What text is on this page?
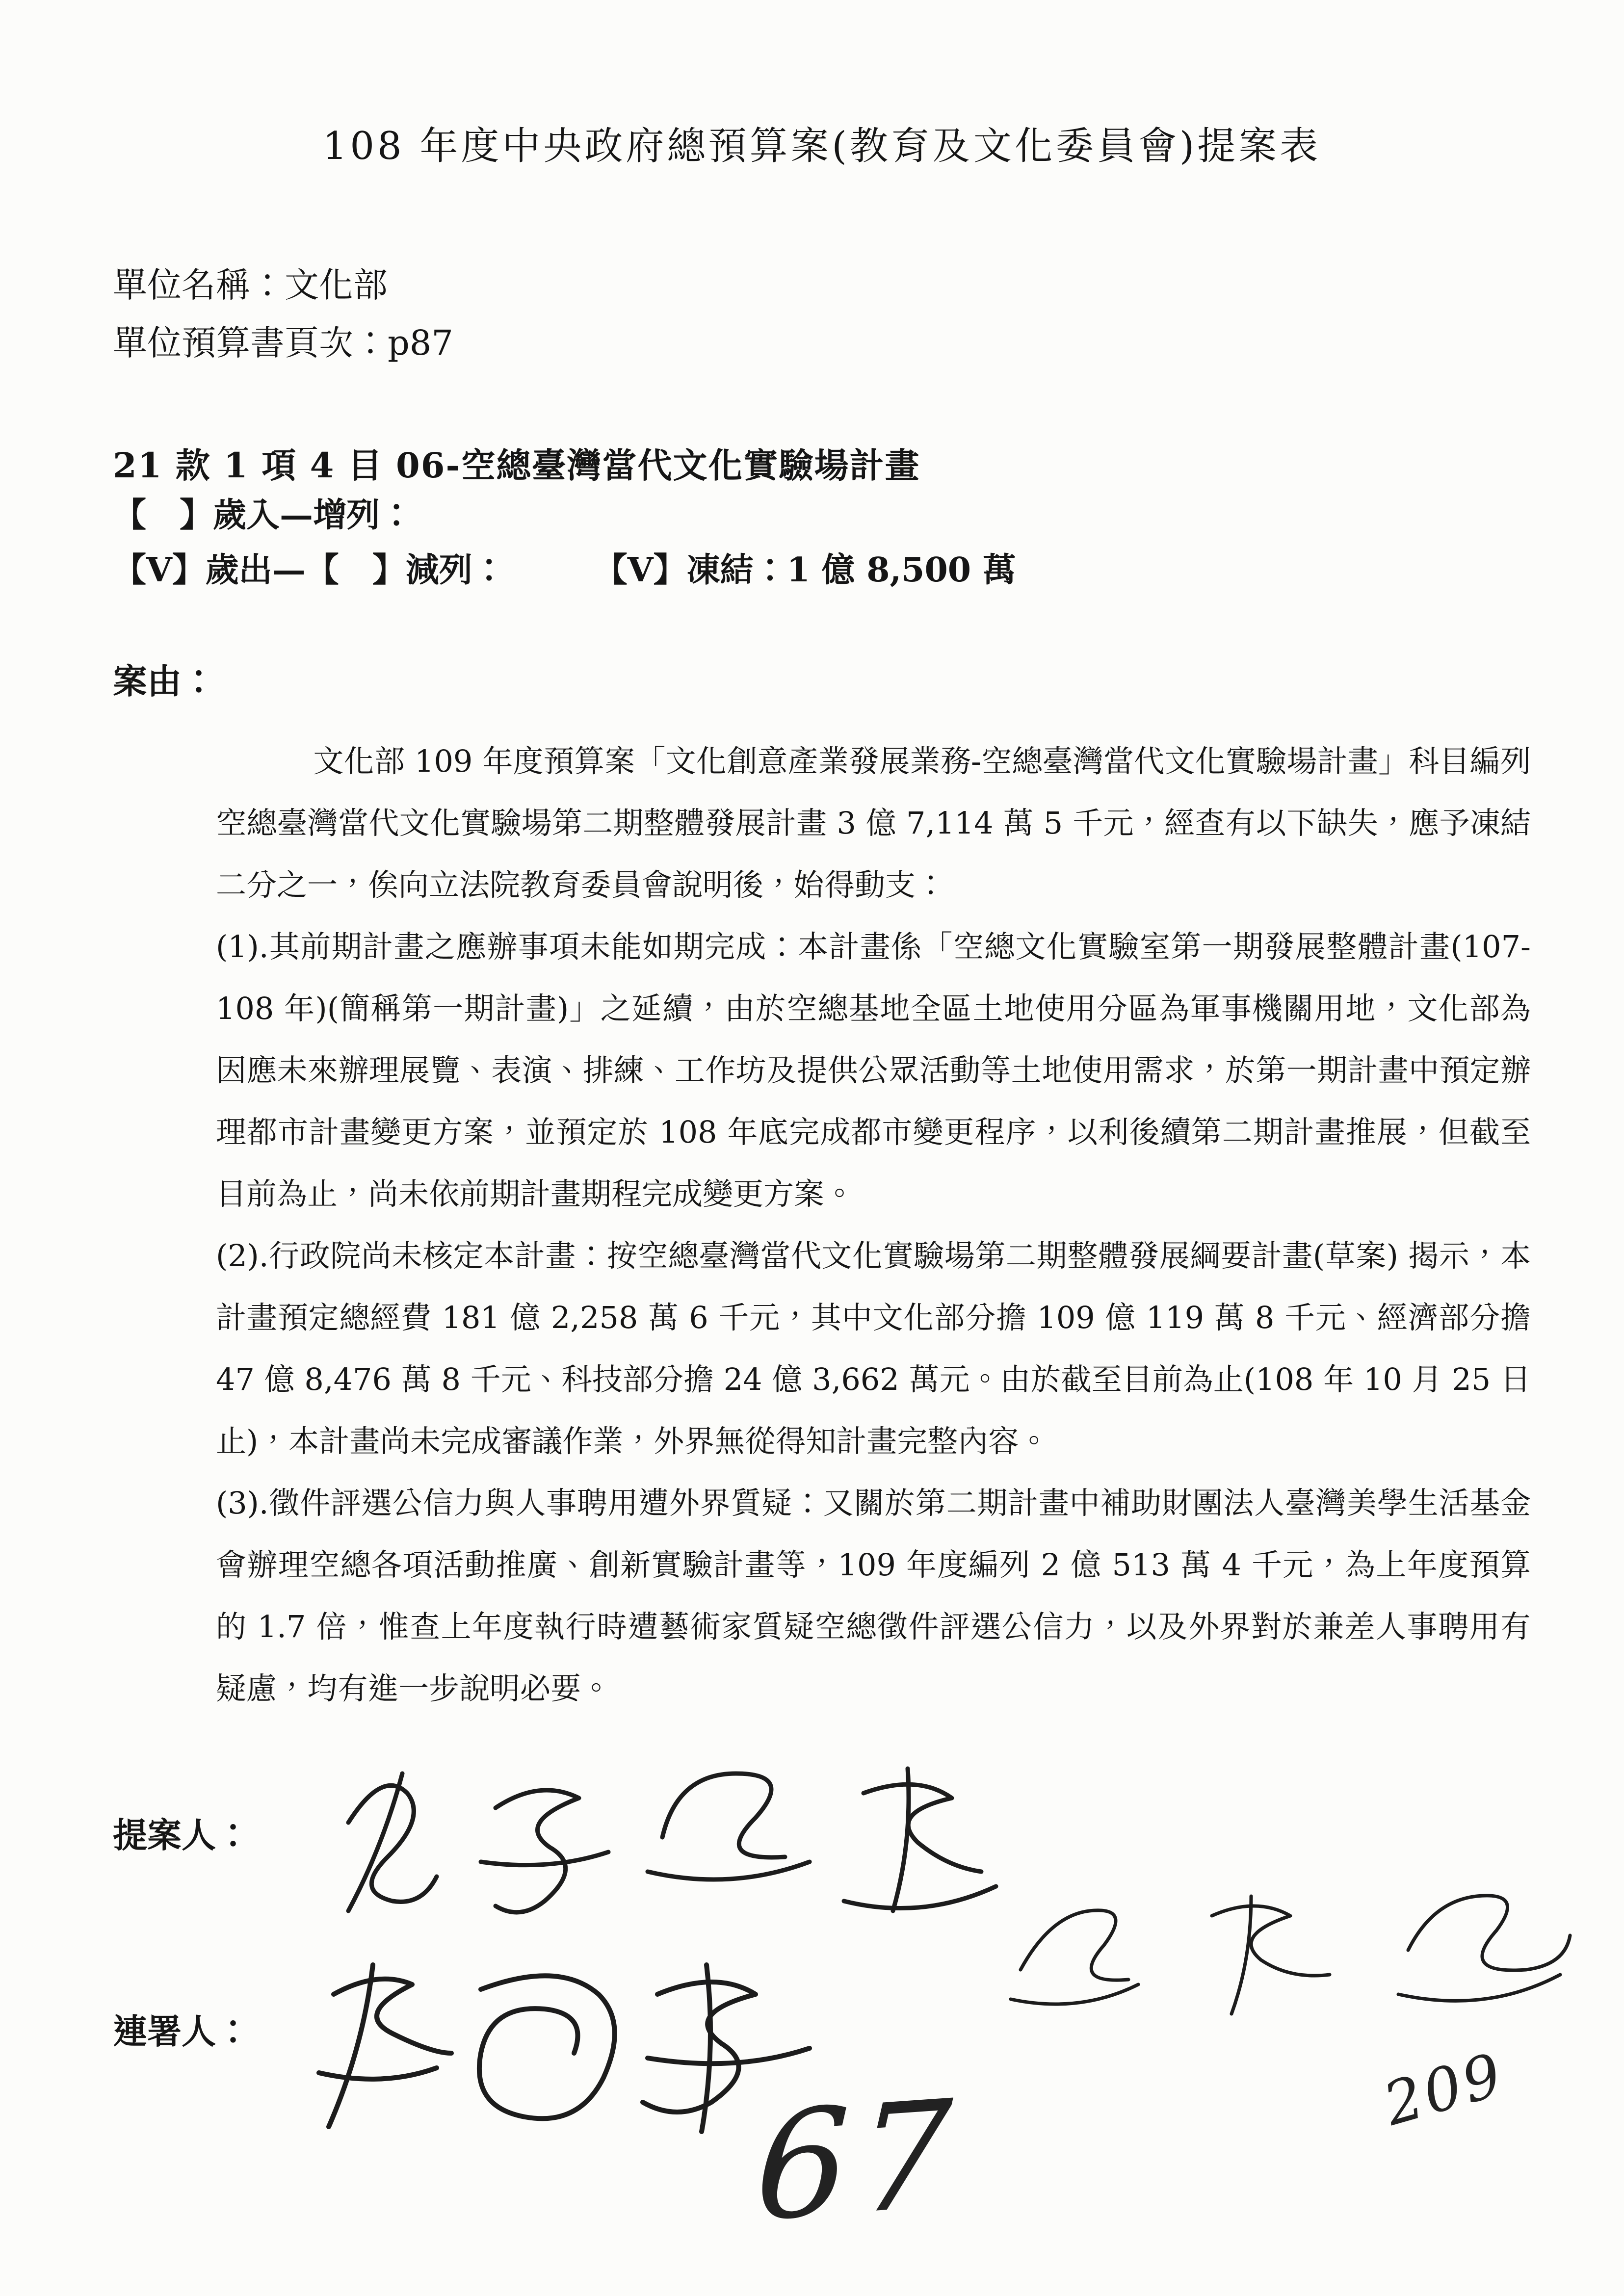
108 年度中央政府總預算案(教育及文化委員會)提案表
單位名稱：文化部
單位預算書頁次：p87
21 款 1 項 4 目 06-空總臺灣當代文化實驗場計畫
【　】歲入—增列：
【V】歲出—【　】減列：	【V】凍結：1 億 8,500 萬
案由：

文化部 109 年度預算案「文化創意產業發展業務-空總臺灣當代文化實驗場計畫」科目編列空總臺灣當代文化實驗場第二期整體發展計畫 3 億 7,114 萬 5 千元，經查有以下缺失，應予凍結二分之一，俟向立法院教育委員會說明後，始得動支：

(1).其前期計畫之應辦事項未能如期完成：本計畫係「空總文化實驗室第一期發展整體計畫(107-108 年)(簡稱第一期計畫)」之延續，由於空總基地全區土地使用分區為軍事機關用地，文化部為因應未來辦理展覽、表演、排練、工作坊及提供公眾活動等土地使用需求，於第一期計畫中預定辦理都市計畫變更方案，並預定於 108 年底完成都市變更程序，以利後續第二期計畫推展，但截至目前為止，尚未依前期計畫期程完成變更方案。

(2).行政院尚未核定本計畫：按空總臺灣當代文化實驗場第二期整體發展綱要計畫(草案) 揭示，本計畫預定總經費 181 億 2,258 萬 6 千元，其中文化部分擔 109 億 119 萬 8 千元、經濟部分擔 47 億 8,476 萬 8 千元、科技部分擔 24 億 3,662 萬元。由於截至目前為止(108 年 10 月 25 日止)，本計畫尚未完成審議作業，外界無從得知計畫完整內容。

(3).徵件評選公信力與人事聘用遭外界質疑：又關於第二期計畫中補助財團法人臺灣美學生活基金會辦理空總各項活動推廣、創新實驗計畫等，109 年度編列 2 億 513 萬 4 千元，為上年度預算的 1.7 倍，惟查上年度執行時遭藝術家質疑空總徵件評選公信力，以及外界對於兼差人事聘用有疑慮，均有進一步說明必要。

提案人：
連署人：
67	209
